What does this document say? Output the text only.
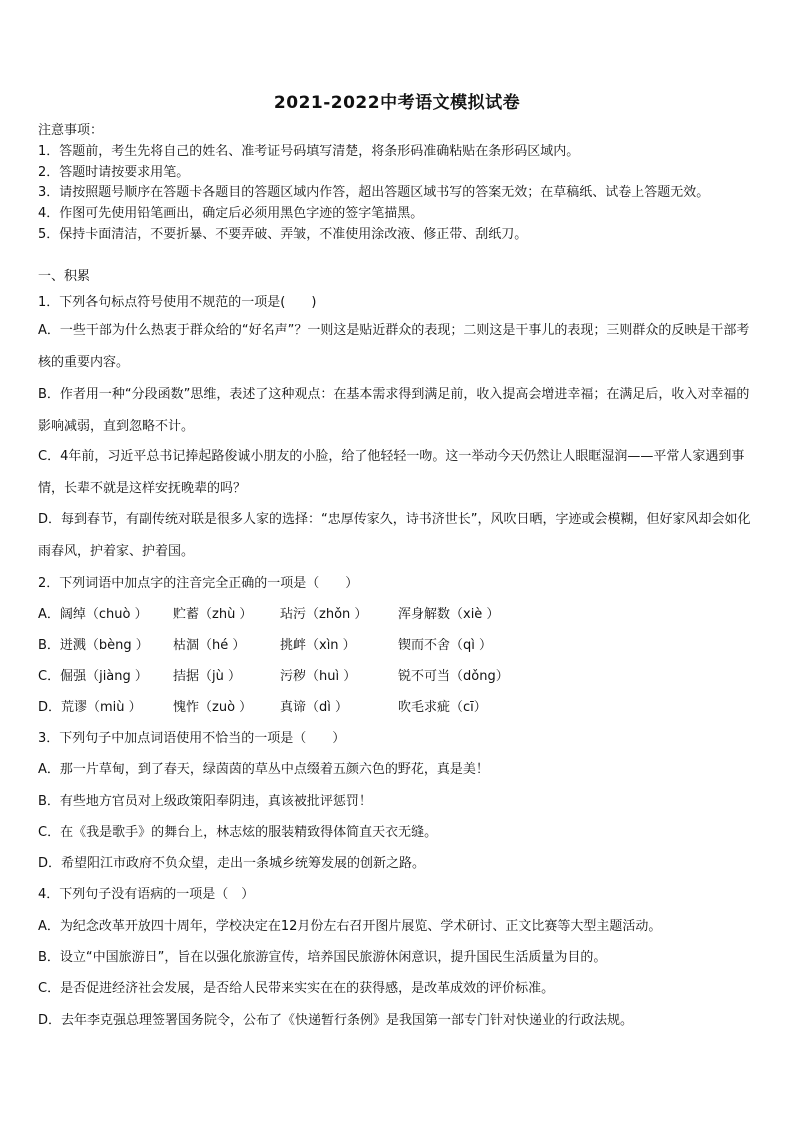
2021-2022中考语文模拟试卷
注意事项：
1．答题前，考生先将自己的姓名、准考证号码填写清楚，将条形码准确粘贴在条形码区域内。
2．答题时请按要求用笔。
3．请按照题号顺序在答题卡各题目的答题区域内作答，超出答题区域书写的答案无效；在草稿纸、试卷上答题无效。
4．作图可先使用铅笔画出，确定后必须用黑色字迹的签字笔描黑。
5．保持卡面清洁，不要折暴、不要弄破、弄皱，不准使用涂改液、修正带、刮纸刀。
一、积累
1．下列各句标点符号使用不规范的一项是(　　)
A．一些干部为什么热衷于群众给的“好名声”？一则这是贴近群众的表现；二则这是干事儿的表现；三则群众的反映是干部考核的重要内容。
B．作者用一种“分段函数”思维，表述了这种观点：在基本需求得到满足前，收入提高会增进幸福；在满足后，收入对幸福的影响减弱，直到忽略不计。
C．4年前，习近平总书记捧起路俊诚小朋友的小脸，给了他轻轻一吻。这一举动今天仍然让人眼眶湿润——平常人家遇到事情，长辈不就是这样安抚晚辈的吗？
D．每到春节，有副传统对联是很多人家的选择：“忠厚传家久，诗书济世长”，风吹日晒，字迹或会模糊，但好家风却会如化雨春风，护着家、护着国。
2．下列词语中加点字的注音完全正确的一项是（　　）
A．阔绰（chuò ） 贮蓄（zhù ） 玷污（zhǒn ） 浑身解数（xiè ）
B．迸溅（bèng ） 枯涸（hé ）	挑衅（xìn ）	锲而不舍（qì ）
C．倔强（jiàng ） 拮据（jù ）	污秽（huì ）	锐不可当（dǒng）
D．荒谬（miù ） 愧怍（zuò ） 真谛（dì ）	吹毛求疵（cī）
3．下列句子中加点词语使用不恰当的一项是（　　）
A．那一片草甸，到了春天，绿茵茵的草丛中点缀着五颜六色的野花，真是美！
B．有些地方官员对上级政策阳奉阴违，真该被批评惩罚！
C．在《我是歌手》的舞台上，林志炫的服装精致得体简直天衣无缝。
D．希望阳江市政府不负众望，走出一条城乡统筹发展的创新之路。
4．下列句子没有语病的一项是（　）
A．为纪念改革开放四十周年，学校决定在12月份左右召开图片展览、学术研讨、正文比赛等大型主题活动。
B．设立“中国旅游日”，旨在以强化旅游宣传，培养国民旅游休闲意识，提升国民生活质量为目的。
C．是否促进经济社会发展，是否给人民带来实实在在的获得感，是改革成效的评价标准。
D．去年李克强总理签署国务院令，公布了《快递暂行条例》是我国第一部专门针对快递业的行政法规。
